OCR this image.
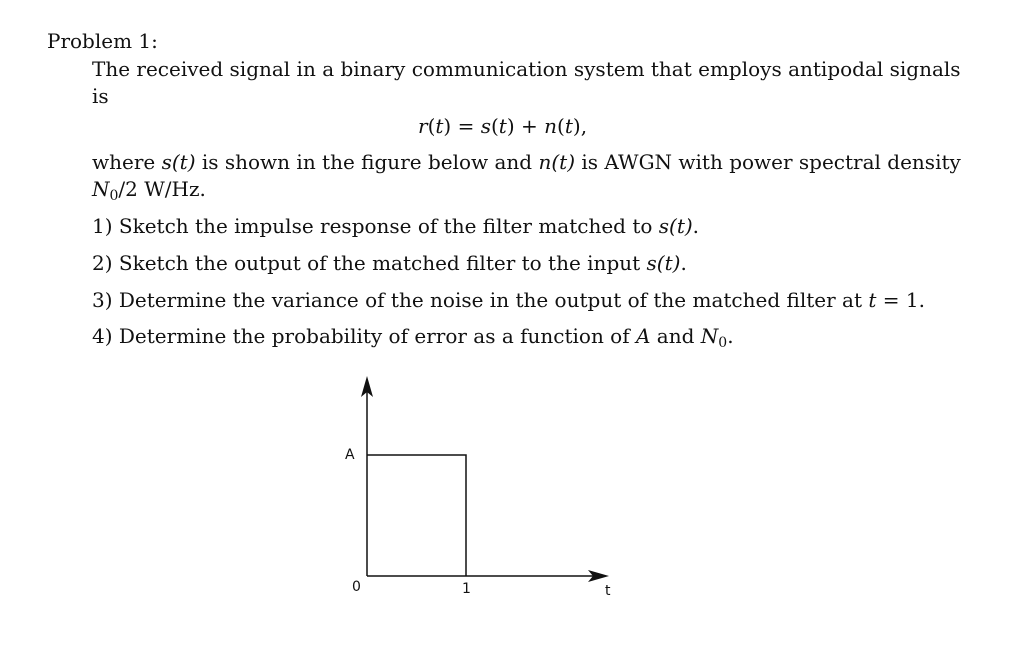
Problem 1:
The received signal in a binary communication system that employs antipodal signals
is
r(t) = s(t) + n(t),
where s(t) is shown in the figure below and n(t) is AWGN with power spectral density
$N_0/2$ W/Hz.
1) Sketch the impulse response of the filter matched to s(t).
2) Sketch the output of the matched filter to the input s(t).
3) Determine the variance of the noise in the output of the matched filter at t = 1.
4) Determine the probability of error as a function of A and $N_0$.
A
0	1	t
